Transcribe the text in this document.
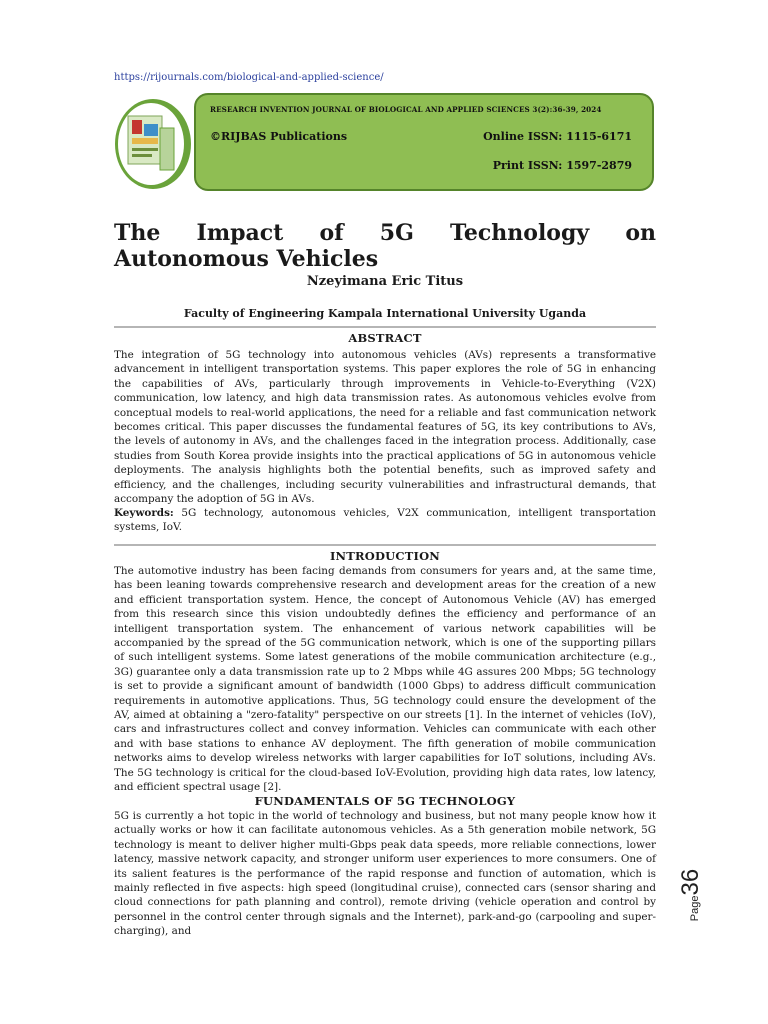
https://rijournals.com/biological-and-applied-science/
RESEARCH INVENTION JOURNAL OF BIOLOGICAL AND APPLIED SCIENCES 3(2):36-39, 2024
©RIJBAS Publications	Online ISSN: 1115-6171
Print ISSN: 1597-2879
The Impact of 5G Technology on Autonomous Vehicles
Nzeyimana Eric Titus
Faculty of Engineering Kampala International University Uganda
ABSTRACT
The integration of 5G technology into autonomous vehicles (AVs) represents a transformative advancement in intelligent transportation systems. This paper explores the role of 5G in enhancing the capabilities of AVs, particularly through improvements in Vehicle-to-Everything (V2X) communication, low latency, and high data transmission rates. As autonomous vehicles evolve from conceptual models to real-world applications, the need for a reliable and fast communication network becomes critical. This paper discusses the fundamental features of 5G, its key contributions to AVs, the levels of autonomy in AVs, and the challenges faced in the integration process. Additionally, case studies from South Korea provide insights into the practical applications of 5G in autonomous vehicle deployments. The analysis highlights both the potential benefits, such as improved safety and efficiency, and the challenges, including security vulnerabilities and infrastructural demands, that accompany the adoption of 5G in AVs.
Keywords: 5G technology, autonomous vehicles, V2X communication, intelligent transportation systems, IoV.
INTRODUCTION
The automotive industry has been facing demands from consumers for years and, at the same time, has been leaning towards comprehensive research and development areas for the creation of a new and efficient transportation system. Hence, the concept of Autonomous Vehicle (AV) has emerged from this research since this vision undoubtedly defines the efficiency and performance of an intelligent transportation system. The enhancement of various network capabilities will be accompanied by the spread of the 5G communication network, which is one of the supporting pillars of such intelligent systems. Some latest generations of the mobile communication architecture (e.g., 3G) guarantee only a data transmission rate up to 2 Mbps while 4G assures 200 Mbps; 5G technology is set to provide a significant amount of bandwidth (1000 Gbps) to address difficult communication requirements in automotive applications. Thus, 5G technology could ensure the development of the AV, aimed at obtaining a "zero-fatality" perspective on our streets [1]. In the internet of vehicles (IoV), cars and infrastructures collect and convey information. Vehicles can communicate with each other and with base stations to enhance AV deployment. The fifth generation of mobile communication networks aims to develop wireless networks with larger capabilities for IoT solutions, including AVs. The 5G technology is critical for the cloud-based IoV-Evolution, providing high data rates, low latency, and efficient spectral usage [2].
FUNDAMENTALS OF 5G TECHNOLOGY
5G is currently a hot topic in the world of technology and business, but not many people know how it actually works or how it can facilitate autonomous vehicles. As a 5th generation mobile network, 5G technology is meant to deliver higher multi-Gbps peak data speeds, more reliable connections, lower latency, massive network capacity, and stronger uniform user experiences to more consumers. One of its salient features is the performance of the rapid response and function of automation, which is mainly reflected in five aspects: high speed (longitudinal cruise), connected cars (sensor sharing and cloud connections for path planning and control), remote driving (vehicle operation and control by personnel in the control center through signals and the Internet), park-and-go (carpooling and super-charging), and
Page
36
